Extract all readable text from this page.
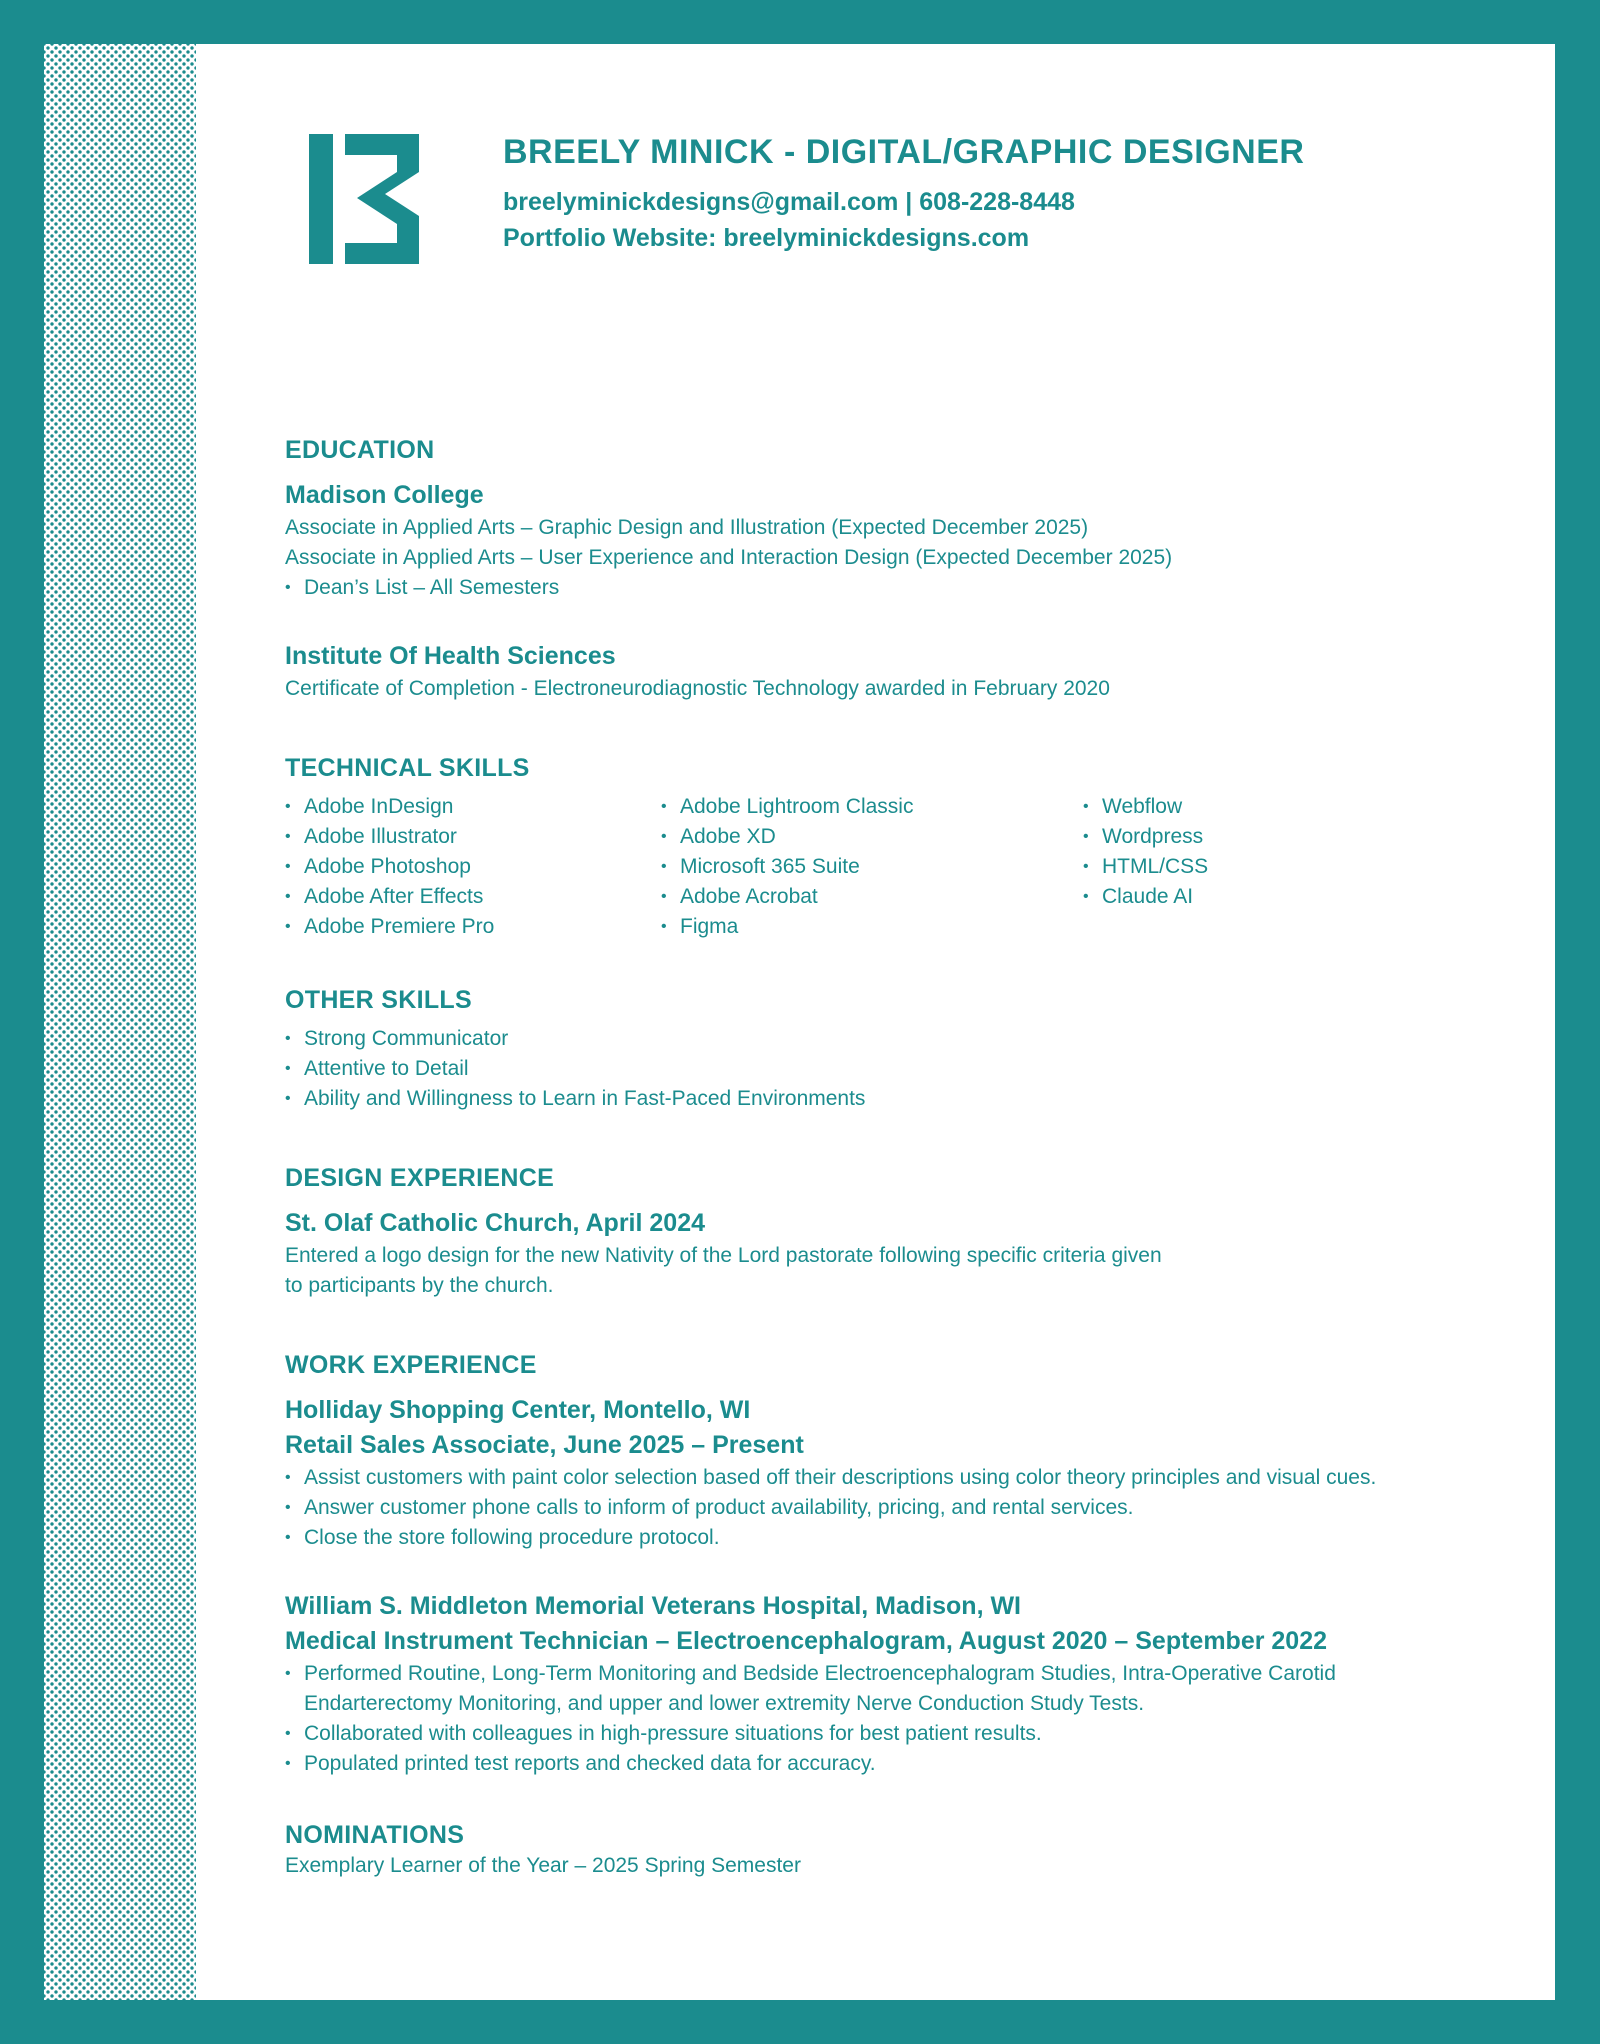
BREELY MINICK - DIGITAL/GRAPHIC DESIGNER
breelyminickdesigns@gmail.com | 608-228-8448
Portfolio Website: breelyminickdesigns.com
EDUCATION
Madison College
Associate in Applied Arts – Graphic Design and Illustration (Expected December 2025)
Associate in Applied Arts – User Experience and Interaction Design (Expected December 2025)
• Dean’s List – All Semesters
Institute Of Health Sciences
Certificate of Completion - Electroneurodiagnostic Technology awarded in February 2020
TECHNICAL SKILLS
• Adobe InDesign
• Adobe Illustrator
• Adobe Photoshop
• Adobe After Effects
• Adobe Premiere Pro
• Adobe Lightroom Classic
• Adobe XD
• Microsoft 365 Suite
• Adobe Acrobat
• Figma
• Webflow
• Wordpress
• HTML/CSS
• Claude AI
OTHER SKILLS
• Strong Communicator
• Attentive to Detail
• Ability and Willingness to Learn in Fast-Paced Environments
DESIGN EXPERIENCE
St. Olaf Catholic Church, April 2024
Entered a logo design for the new Nativity of the Lord pastorate following specific criteria given
to participants by the church.
WORK EXPERIENCE
Holliday Shopping Center, Montello, WI
Retail Sales Associate, June 2025 – Present
• Assist customers with paint color selection based off their descriptions using color theory principles and visual cues.
• Answer customer phone calls to inform of product availability, pricing, and rental services.
• Close the store following procedure protocol.
William S. Middleton Memorial Veterans Hospital, Madison, WI
Medical Instrument Technician – Electroencephalogram, August 2020 – September 2022
• Performed Routine, Long-Term Monitoring and Bedside Electroencephalogram Studies, Intra-Operative Carotid Endarterectomy Monitoring, and upper and lower extremity Nerve Conduction Study Tests.
• Collaborated with colleagues in high-pressure situations for best patient results.
• Populated printed test reports and checked data for accuracy.
NOMINATIONS
Exemplary Learner of the Year – 2025 Spring Semester
